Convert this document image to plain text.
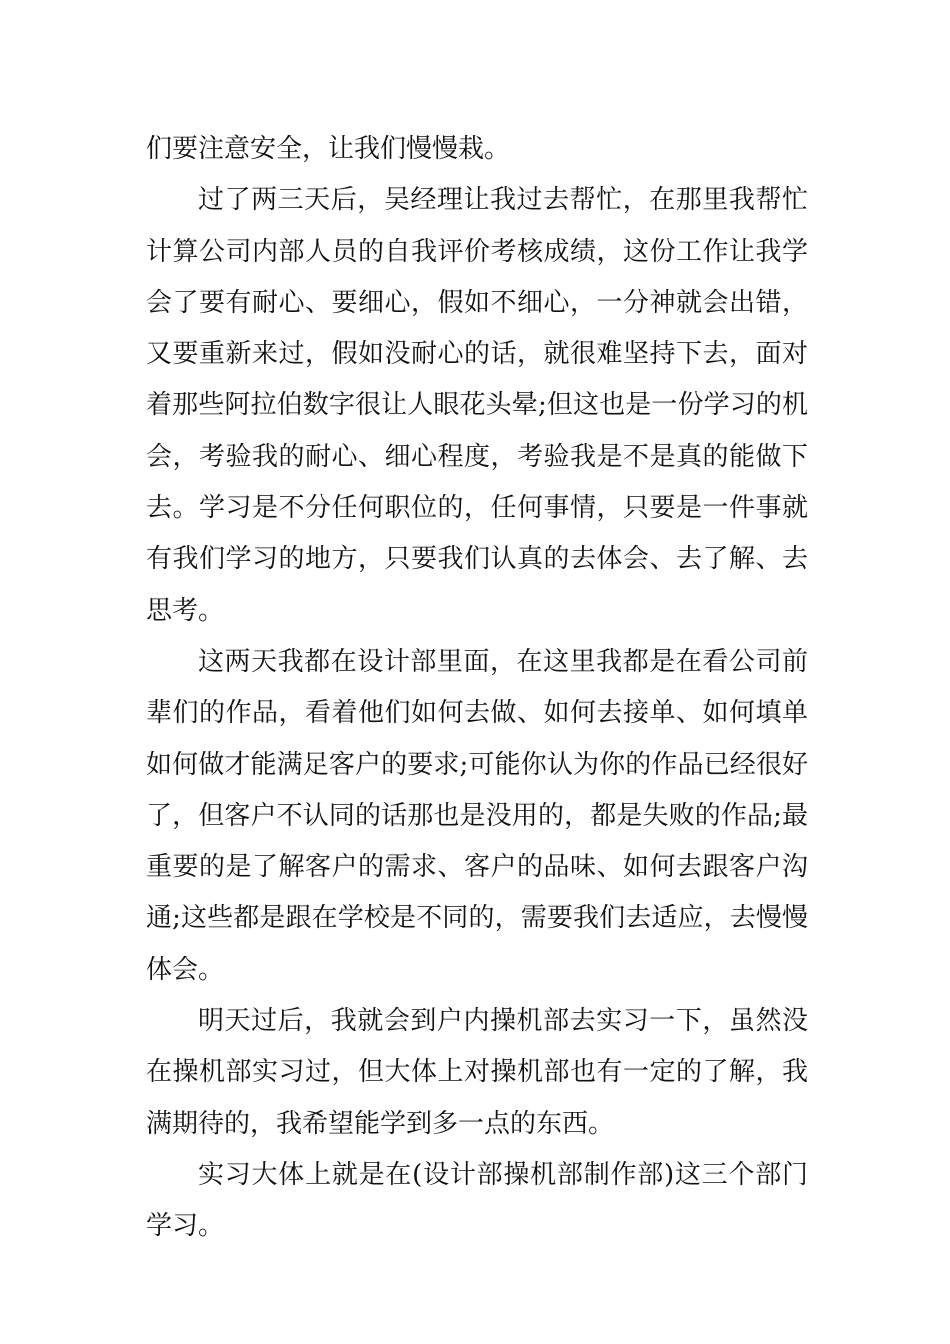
们要注意安全，让我们慢慢栽。
过了两三天后，吴经理让我过去帮忙，在那里我帮忙
计算公司内部人员的自我评价考核成绩，这份工作让我学
会了要有耐心、要细心，假如不细心，一分神就会出错，
又要重新来过，假如没耐心的话，就很难坚持下去，面对
着那些阿拉伯数字很让人眼花头晕;但这也是一份学习的机
会，考验我的耐心、细心程度，考验我是不是真的能做下
去。学习是不分任何职位的，任何事情，只要是一件事就
有我们学习的地方，只要我们认真的去体会、去了解、去
思考。
这两天我都在设计部里面，在这里我都是在看公司前
辈们的作品，看着他们如何去做、如何去接单、如何填单
如何做才能满足客户的要求;可能你认为你的作品已经很好
了，但客户不认同的话那也是没用的，都是失败的作品;最
重要的是了解客户的需求、客户的品味、如何去跟客户沟
通;这些都是跟在学校是不同的，需要我们去适应，去慢慢
体会。
明天过后，我就会到户内操机部去实习一下，虽然没
在操机部实习过，但大体上对操机部也有一定的了解，我
满期待的，我希望能学到多一点的东西。
实习大体上就是在(设计部操机部制作部)这三个部门
学习。
